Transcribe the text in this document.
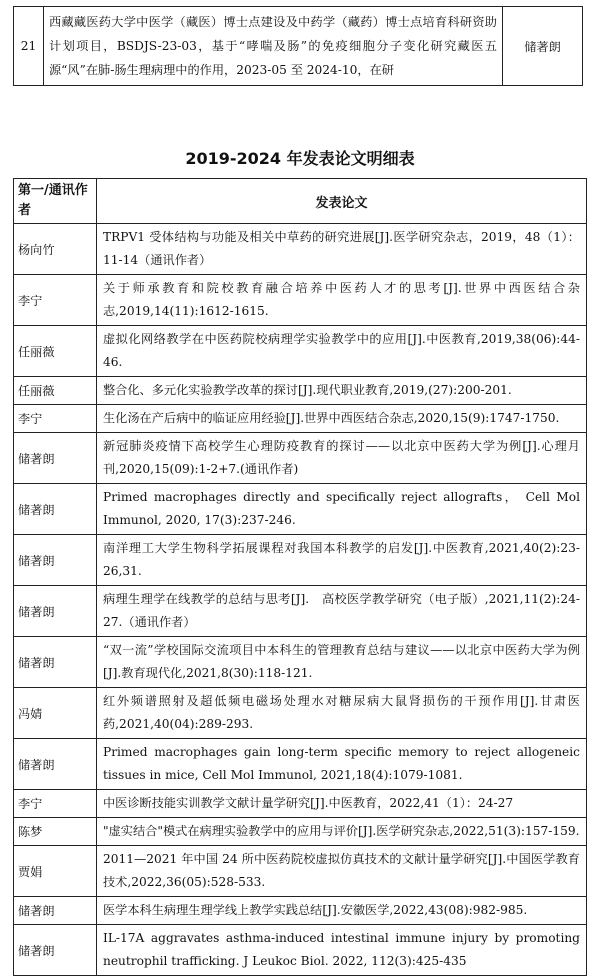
21	西藏藏医药大学中医学（藏医）博士点建设及中药学（藏药）博士点培育科研资助计划项目，BSDJS-23-03，基于“哮喘及肠”的免疫细胞分子变化研究藏医五源“风”在肺-肠生理病理中的作用，2023-05 至 2024-10，在研	储著朗
2019-2024 年发表论文明细表
第一/通讯作者	发表论文
杨向竹	TRPV1 受体结构与功能及相关中草药的研究进展[J].医学研究杂志，2019，48（1）：11-14（通讯作者）
李宁	关于师承教育和院校教育融合培养中医药人才的思考[J].世界中西医结合杂志,2019,14(11):1612-1615.
任丽薇	虚拟化网络教学在中医药院校病理学实验教学中的应用[J].中医教育,2019,38(06):44-46.
任丽薇	整合化、多元化实验教学改革的探讨[J].现代职业教育,2019,(27):200-201.
李宁	生化汤在产后病中的临证应用经验[J].世界中西医结合杂志,2020,15(9):1747-1750.
储著朗	新冠肺炎疫情下高校学生心理防疫教育的探讨——以北京中医药大学为例[J].心理月刊,2020,15(09):1-2+7.(通讯作者)
储著朗	Primed macrophages directly and specifically reject allografts， Cell Mol Immunol, 2020, 17(3):237-246.
储著朗	南洋理工大学生物科学拓展课程对我国本科教学的启发[J].中医教育,2021,40(2):23-26,31.
储著朗	病理生理学在线教学的总结与思考[J].　高校医学教学研究（电子版）,2021,11(2):24-27.（通讯作者）
储著朗	“双一流”学校国际交流项目中本科生的管理教育总结与建议——以北京中医药大学为例[J].教育现代化,2021,8(30):118-121.
冯婧	红外频谱照射及超低频电磁场处理水对糖尿病大鼠肾损伤的干预作用[J].甘肃医药,2021,40(04):289-293.
储著朗	Primed macrophages gain long-term specific memory to reject allogeneic tissues in mice, Cell Mol Immunol, 2021,18(4):1079-1081.
李宁	中医诊断技能实训教学文献计量学研究[J].中医教育，2022,41（1）：24-27
陈梦	"虚实结合"模式在病理实验教学中的应用与评价[J].医学研究杂志,2022,51(3):157-159.
贾娟	2011—2021 年中国 24 所中医药院校虚拟仿真技术的文献计量学研究[J].中国医学教育技术,2022,36(05):528-533.
储著朗	医学本科生病理生理学线上教学实践总结[J].安徽医学,2022,43(08):982-985.
储著朗	IL-17A aggravates asthma-induced intestinal immune injury by promoting neutrophil trafficking. J Leukoc Biol. 2022, 112(3):425-435
